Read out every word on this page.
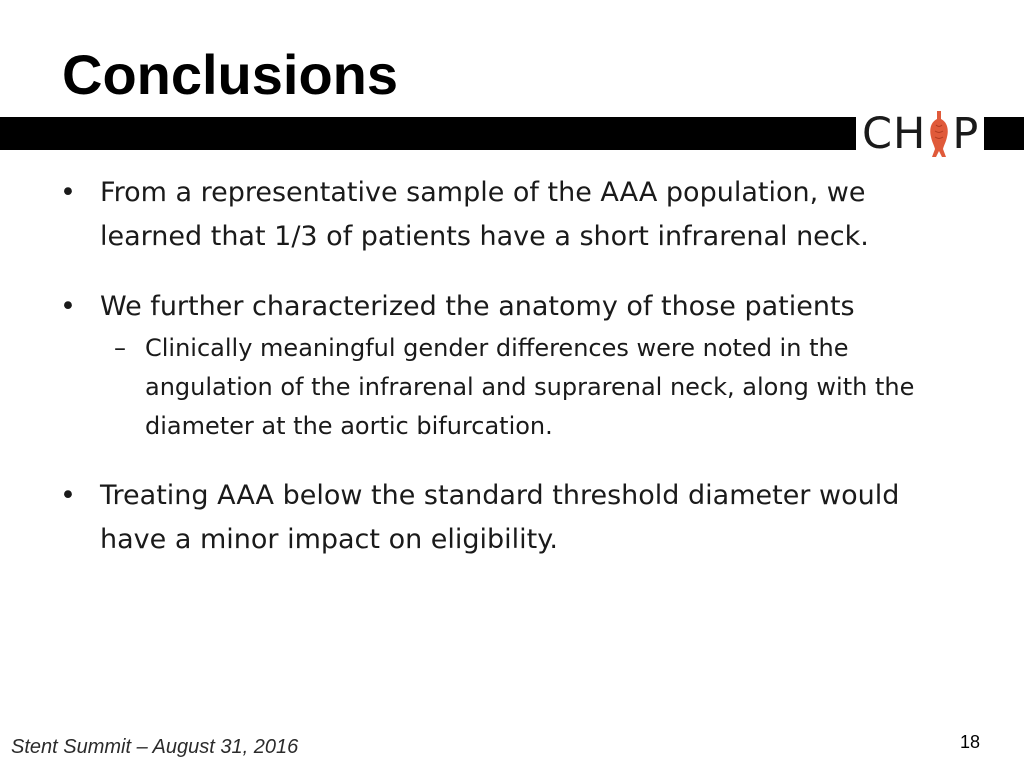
Conclusions
CH P

• From a representative sample of the AAA population, we learned that 1/3 of patients have a short infrarenal neck.

• We further characterized the anatomy of those patients

– Clinically meaningful gender differences were noted in the angulation of the infrarenal and suprarenal neck, along with the diameter at the aortic bifurcation.

• Treating AAA below the standard threshold diameter would have a minor impact on eligibility.

Stent Summit – August 31, 2016	18
